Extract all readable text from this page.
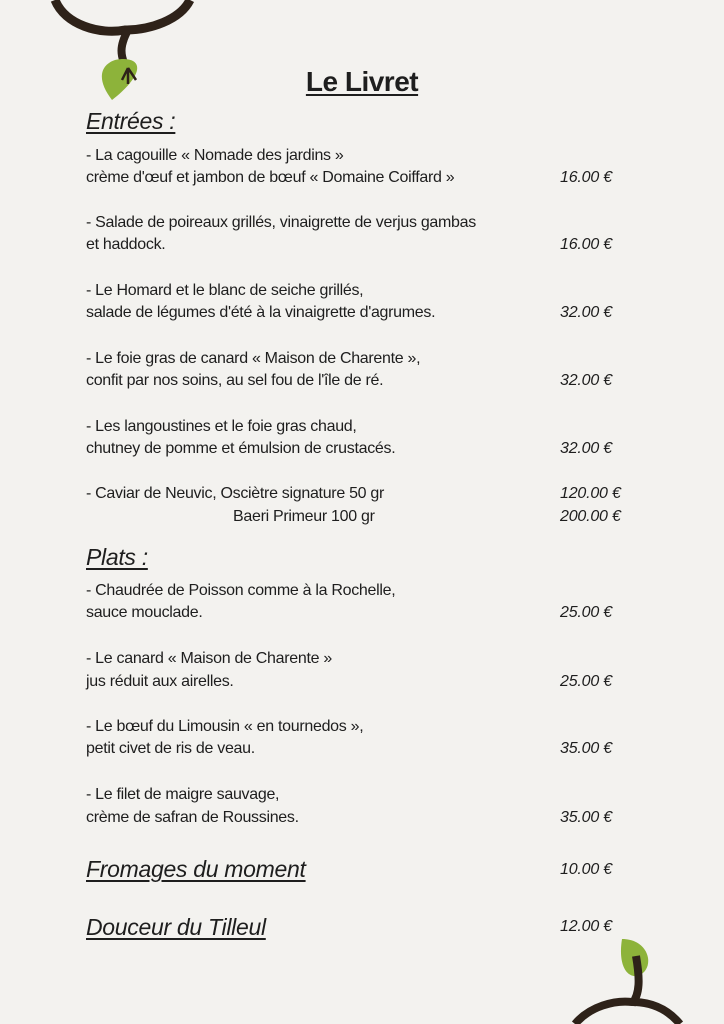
Le Livret
Entrées :
- La cagouille « Nomade des jardins »
crème d'œuf et jambon de bœuf « Domaine Coiffard »	16.00 €
- Salade de poireaux grillés, vinaigrette de verjus gambas
et haddock.	16.00 €
- Le Homard et le blanc de seiche grillés,
salade de légumes d'été à la vinaigrette d'agrumes.	32.00 €
- Le foie gras de canard « Maison de Charente »,
confit par nos soins, au sel fou de l'île de ré.	32.00 €
- Les langoustines et le foie gras chaud,
chutney de pomme et émulsion de crustacés.	32.00 €
- Caviar de Neuvic, Osciètre signature 50 gr	120.00 €
Baeri Primeur 100 gr	200.00 €
Plats :
- Chaudrée de Poisson comme à la Rochelle,
sauce mouclade.	25.00 €
- Le canard « Maison de Charente »
jus réduit aux airelles.	25.00 €
- Le bœuf du Limousin « en tournedos »,
petit civet de ris de veau.	35.00 €
- Le filet de maigre sauvage,
crème de safran de Roussines.	35.00 €
Fromages du moment	10.00 €
Douceur du Tilleul	12.00 €
